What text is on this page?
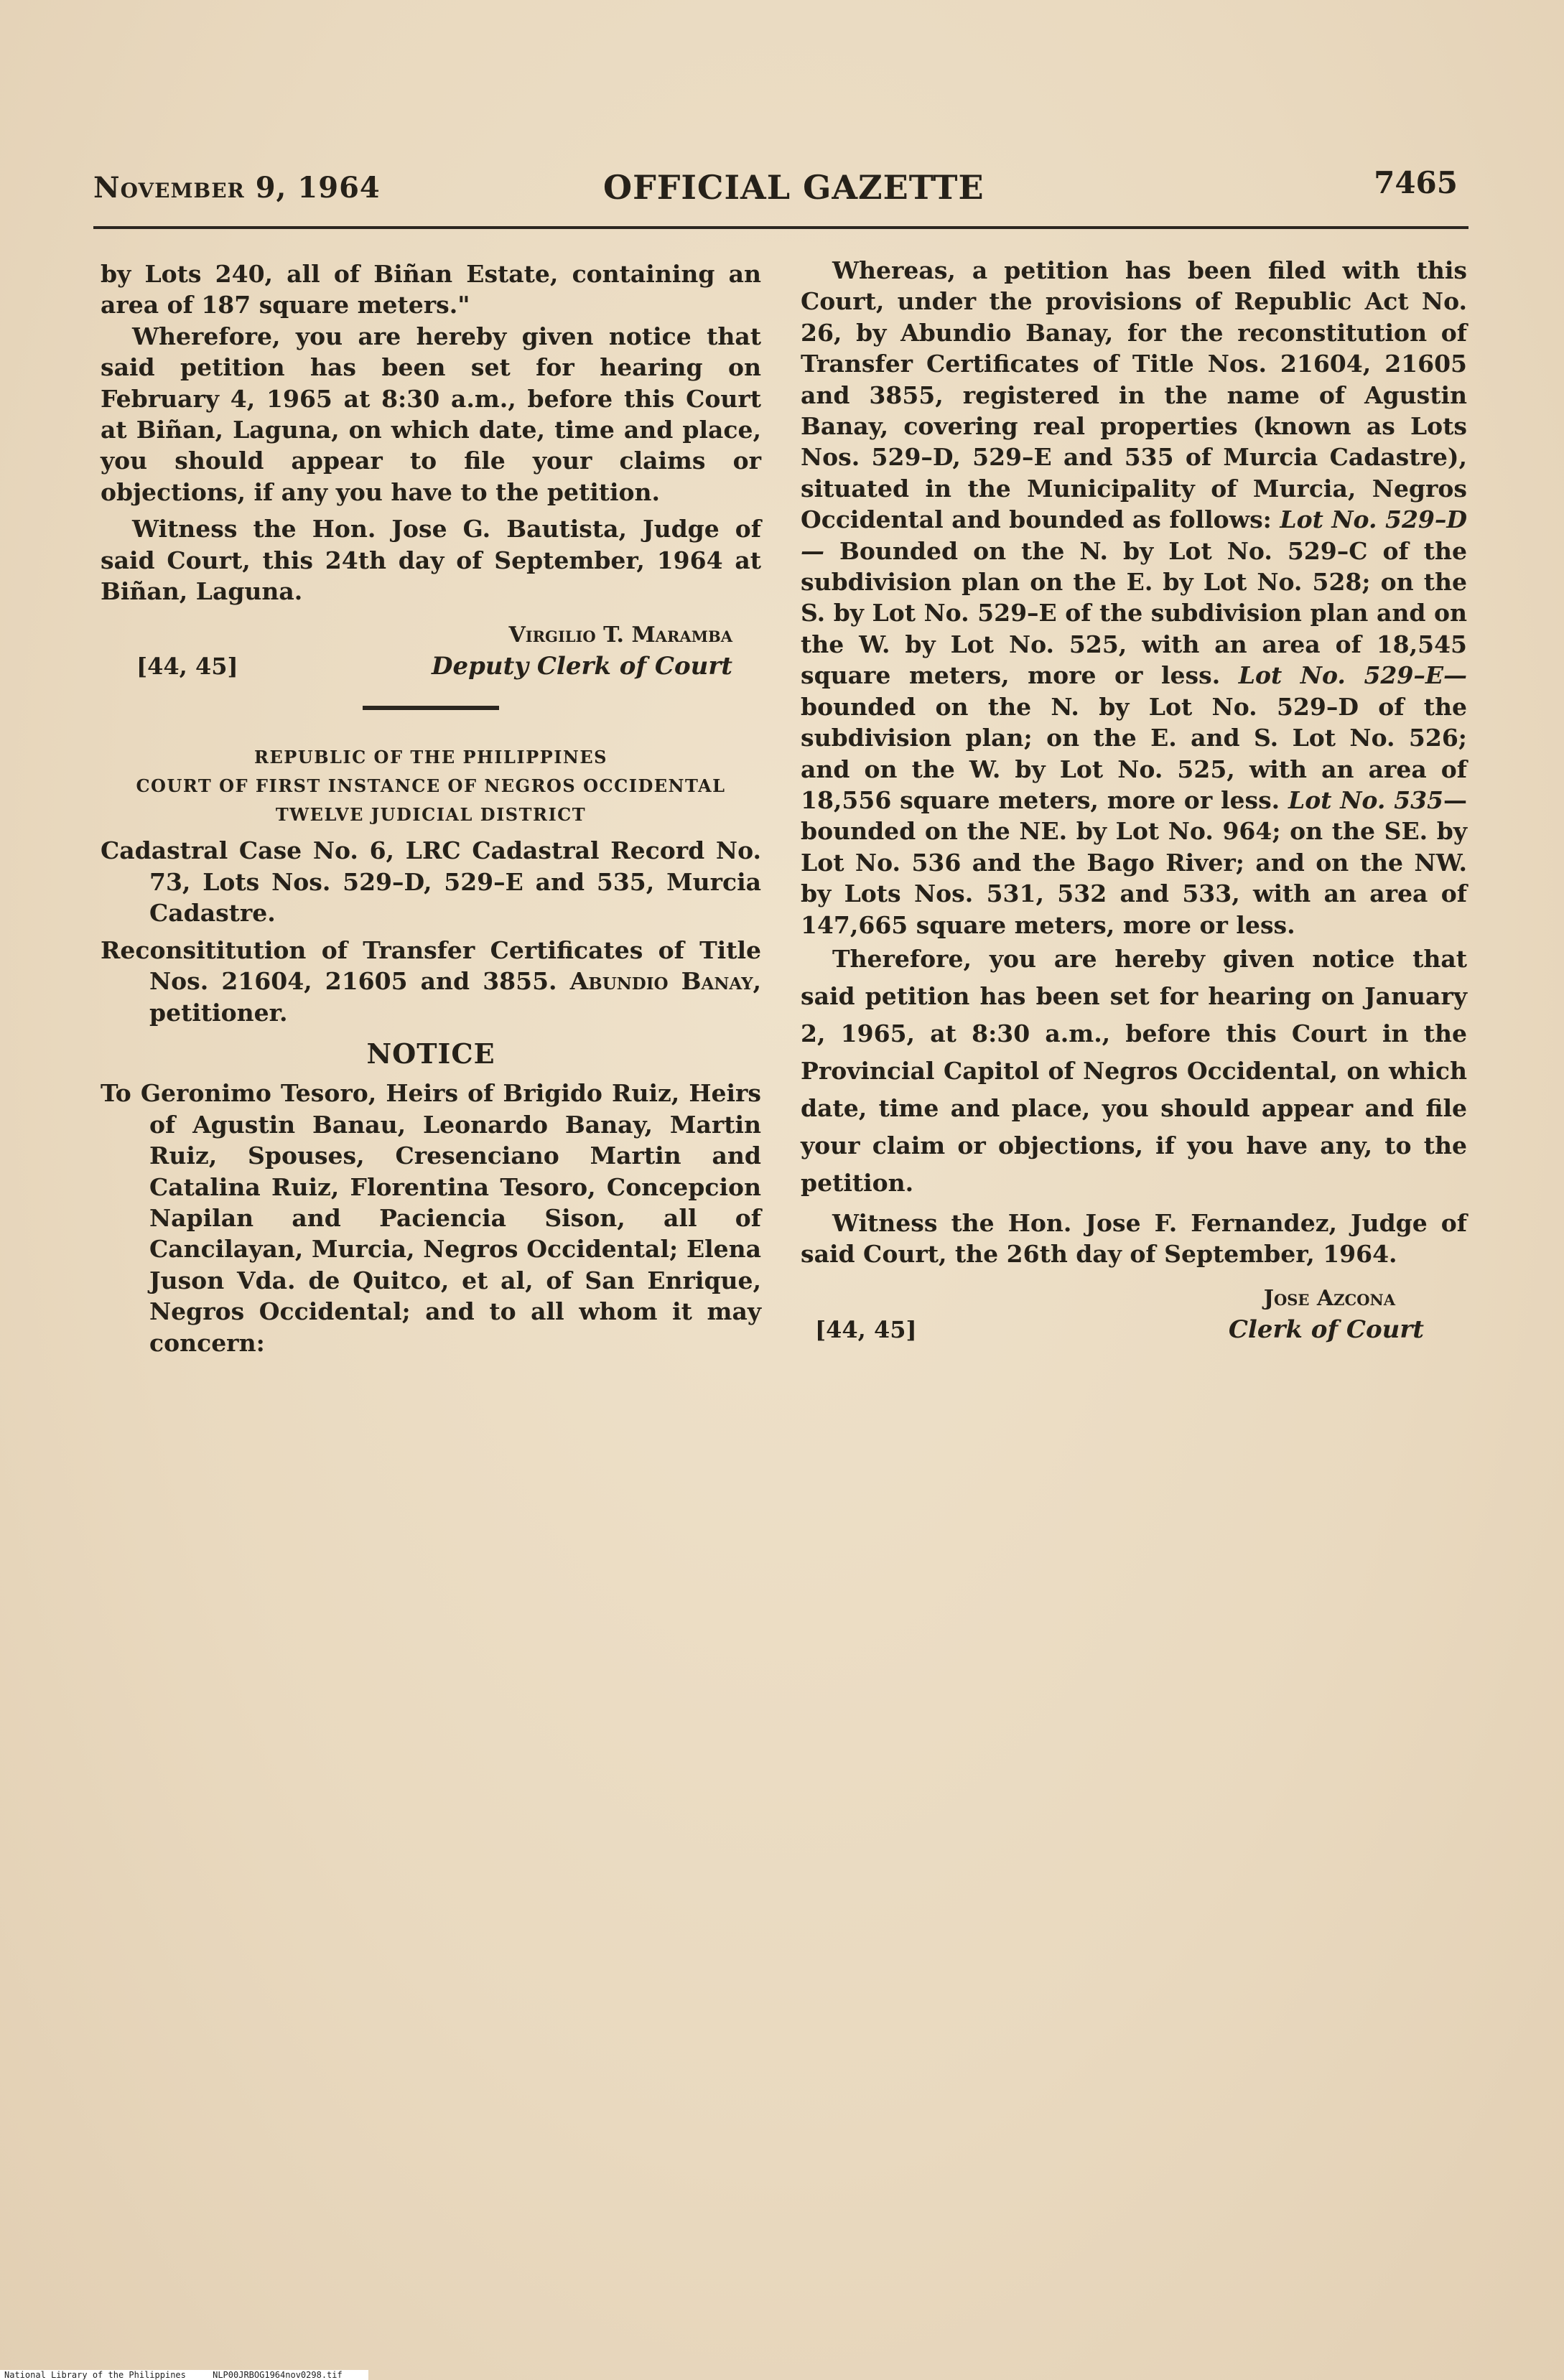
November 9, 1964	OFFICIAL GAZETTE	7465

by Lots 240, all of Biñan Estate, containing an area of 187 square meters."

Wherefore, you are hereby given notice that said petition has been set for hearing on February 4, 1965 at 8:30 a.m., before this Court at Biñan, Laguna, on which date, time and place, you should appear to file your claims or objections, if any you have to the petition.

Witness the Hon. Jose G. Bautista, Judge of said Court, this 24th day of September, 1964 at Biñan, Laguna.

Virgilio T. Maramba
[44, 45]	Deputy Clerk of Court
REPUBLIC OF THE PHILIPPINES
COURT OF FIRST INSTANCE OF NEGROS OCCIDENTAL
TWELVE JUDICIAL DISTRICT

Cadastral Case No. 6, LRC Cadastral Record No. 73, Lots Nos. 529–D, 529–E and 535, Murcia Cadastre.

Reconsititution of Transfer Certificates of Title Nos. 21604, 21605 and 3855. Abundio Banay, petitioner.

NOTICE

To Geronimo Tesoro, Heirs of Brigido Ruiz, Heirs of Agustin Banau, Leonardo Banay, Martin Ruiz, Spouses, Cresenciano Martin and Catalina Ruiz, Florentina Tesoro, Concepcion Napilan and Paciencia Sison, all of Cancilayan, Murcia, Negros Occidental; Elena Juson Vda. de Quitco, et al, of San Enrique, Negros Occidental; and to all whom it may concern:

Whereas, a petition has been filed with this Court, under the provisions of Republic Act No. 26, by Abundio Banay, for the reconstitution of Transfer Certificates of Title Nos. 21604, 21605 and 3855, registered in the name of Agustin Banay, covering real properties (known as Lots Nos. 529–D, 529–E and 535 of Murcia Cadastre), situated in the Municipality of Murcia, Negros Occidental and bounded as follows: Lot No. 529–D— Bounded on the N. by Lot No. 529–C of the subdivision plan on the E. by Lot No. 528; on the S. by Lot No. 529–E of the subdivision plan and on the W. by Lot No. 525, with an area of 18,545 square meters, more or less. Lot No. 529–E— bounded on the N. by Lot No. 529–D of the subdivision plan; on the E. and S. Lot No. 526; and on the W. by Lot No. 525, with an area of 18,556 square meters, more or less. Lot No. 535—bounded on the NE. by Lot No. 964; on the SE. by Lot No. 536 and the Bago River; and on the NW. by Lots Nos. 531, 532 and 533, with an area of 147,665 square meters, more or less.

Therefore, you are hereby given notice that said petition has been set for hearing on January 2, 1965, at 8:30 a.m., before this Court in the Provincial Capitol of Negros Occidental, on which date, time and place, you should appear and file your claim or objections, if you have any, to the petition.

Witness the Hon. Jose F. Fernandez, Judge of said Court, the 26th day of September, 1964.

Jose Azcona
[44, 45]	Clerk of Court
National Library of the Philippines	NLP00JRBOG1964nov0298.tif
